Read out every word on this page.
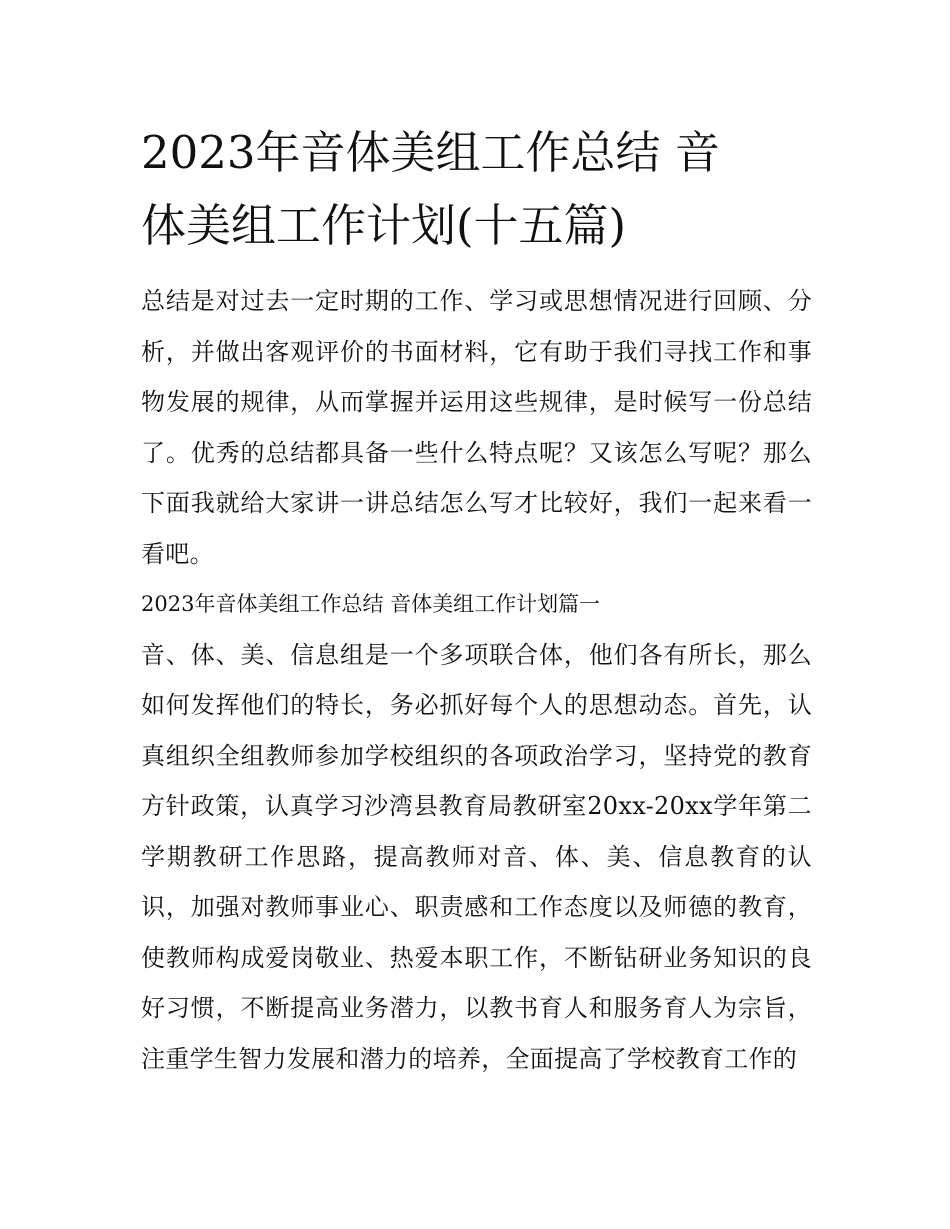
2023年音体美组工作总结 音
体美组工作计划(十五篇)

总结是对过去一定时期的工作、学习或思想情况进行回顾、分析，并做出客观评价的书面材料，它有助于我们寻找工作和事物发展的规律，从而掌握并运用这些规律，是时候写一份总结了。优秀的总结都具备一些什么特点呢？又该怎么写呢？那么下面我就给大家讲一讲总结怎么写才比较好，我们一起来看一看吧。

2023年音体美组工作总结 音体美组工作计划篇一

音、体、美、信息组是一个多项联合体，他们各有所长，那么如何发挥他们的特长，务必抓好每个人的思想动态。首先，认真组织全组教师参加学校组织的各项政治学习，坚持党的教育方针政策，认真学习沙湾县教育局教研室20xx-20xx学年第二学期教研工作思路，提高教师对音、体、美、信息教育的认识，加强对教师事业心、职责感和工作态度以及师德的教育，使教师构成爱岗敬业、热爱本职工作，不断钻研业务知识的良好习惯，不断提高业务潜力，以教书育人和服务育人为宗旨，注重学生智力发展和潜力的培养，全面提高了学校教育工作的
